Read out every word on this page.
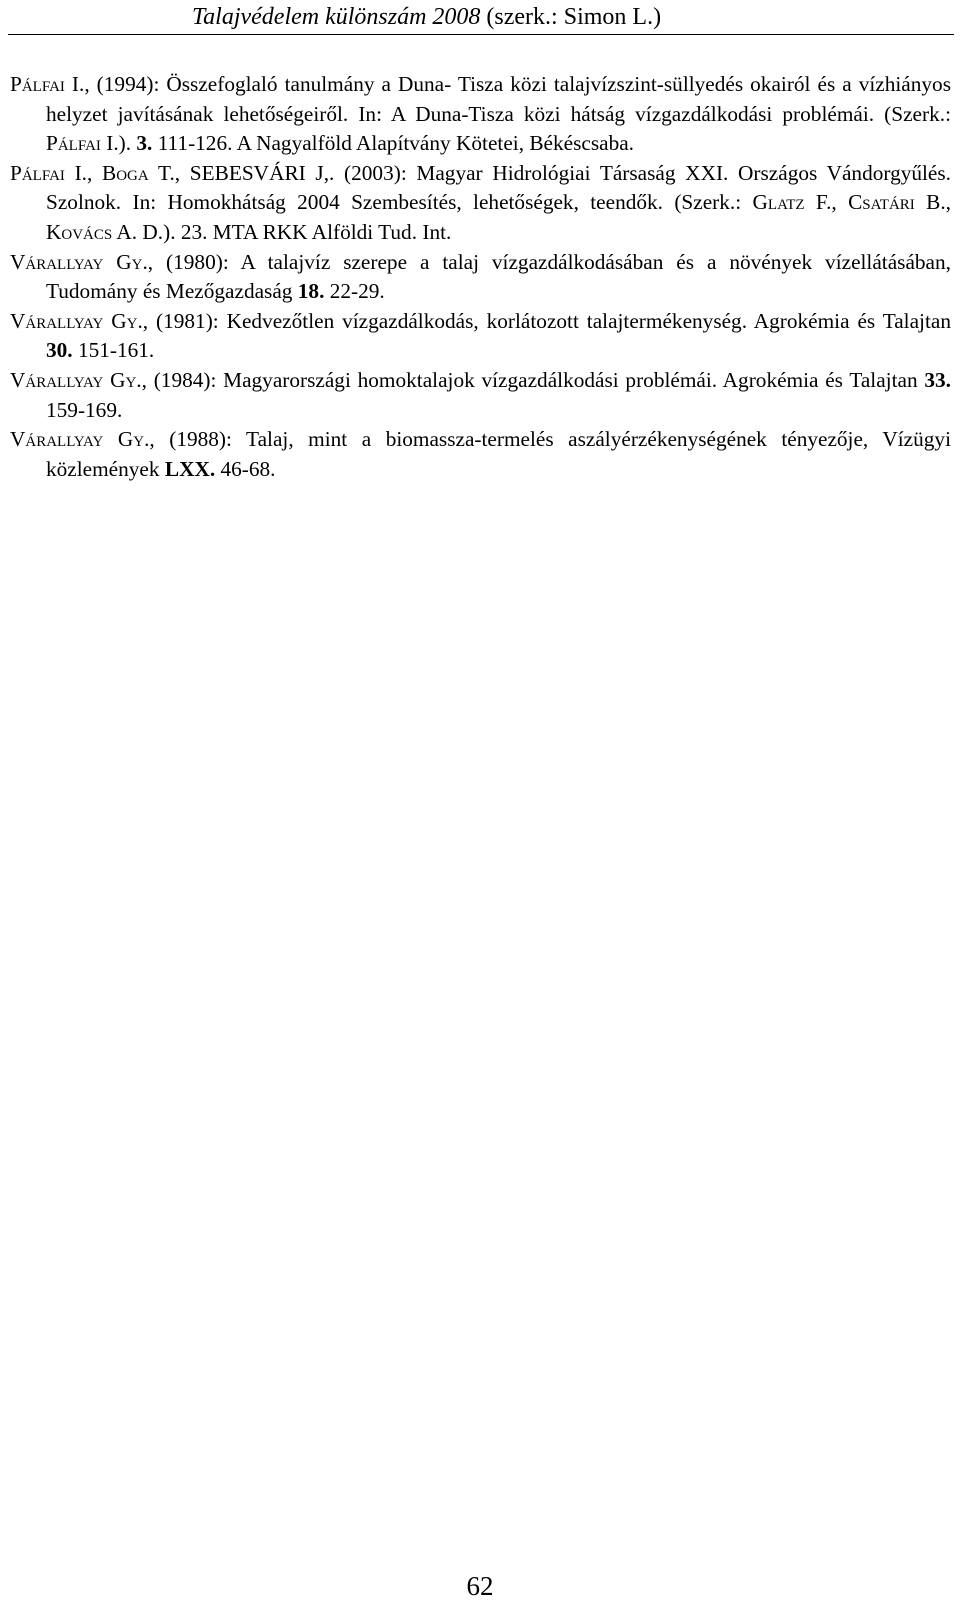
Talajvédelem különszám 2008 (szerk.: Simon L.)
Pálfai I., (1994): Összefoglaló tanulmány a Duna- Tisza közi talajvízszint-süllyedés okairól és a vízhiányos helyzet javításának lehetőségeiről. In: A Duna-Tisza közi hátság vízgazdálkodási problémái. (Szerk.: Pálfai I.). 3. 111-126. A Nagyalföld Alapítvány Kötetei, Békéscsaba.
Pálfai I., Boga T., SEBESVÁRI J,. (2003): Magyar Hidrológiai Társaság XXI. Országos Vándorgyűlés. Szolnok. In: Homokhátság 2004 Szembesítés, lehetőségek, teendők. (Szerk.: Glatz F., Csatári B., Kovács A. D.). 23. MTA RKK Alföldi Tud. Int.
Várallyay Gy., (1980): A talajvíz szerepe a talaj vízgazdálkodásában és a növények vízellátásában, Tudomány és Mezőgazdaság 18. 22-29.
Várallyay Gy., (1981): Kedvezőtlen vízgazdálkodás, korlátozott talajtermékenység. Agrokémia és Talajtan 30. 151-161.
Várallyay Gy., (1984): Magyarországi homoktalajok vízgazdálkodási problémái. Agrokémia és Talajtan 33. 159-169.
Várallyay Gy., (1988): Talaj, mint a biomassza-termelés aszályérzékenységének tényezője, Vízügyi közlemények LXX. 46-68.
62
